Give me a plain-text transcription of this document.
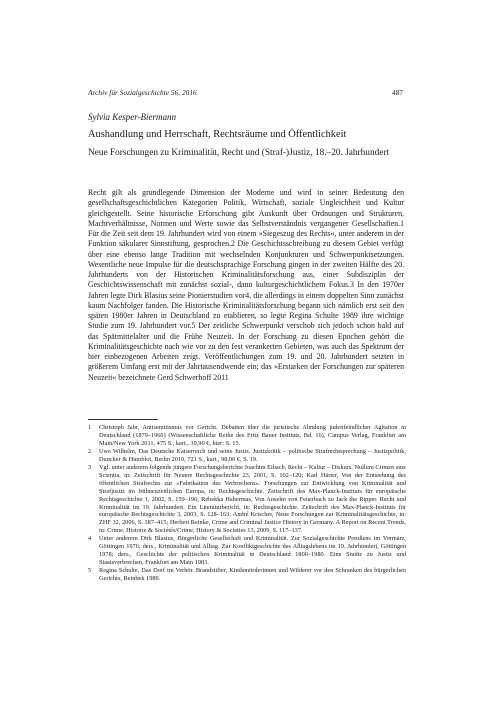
Archiv für Sozialgeschichte 56, 2016	487
Sylvia Kesper-Biermann
Aushandlung und Herrschaft, Rechtsräume und Öffentlichkeit
Neue Forschungen zu Kriminalität, Recht und (Straf-)Justiz, 18.–20. Jahrhundert

Recht gilt als grundlegende Dimension der Moderne und wird in seiner Bedeutung den gesellschaftsgeschichtlichen Kategorien Politik, Wirtschaft, soziale Ungleichheit und Kultur gleichgestellt. Seine historische Erforschung gibt Auskunft über Ordnungen und Strukturen, Machtverhältnisse, Normen und Werte sowie das Selbstverständnis vergangener Gesellschaften.1 Für die Zeit seit dem 19. Jahrhundert wird von einem »Siegeszug des Rechts«, unter anderem in der Funktion säkularer Sinnstiftung, gesprochen.2 Die Geschichtsschreibung zu diesem Gebiet verfügt über eine ebenso lange Tradition mit wechselnden Konjunkturen und Schwerpunktsetzungen. Wesentliche neue Impulse für die deutschsprachige Forschung gingen in der zweiten Hälfte des 20. Jahrhunderts von der Historischen Kriminalitätsforschung aus, einer Subdisziplin der Geschichtswissenschaft mit zunächst sozial-, dann kulturgeschichtlichem Fokus.3 In den 1970er Jahren legte Dirk Blasius seine Pionierstudien vor4, die allerdings in einem doppelten Sinn zunächst kaum Nachfolger fanden. Die Historische Kriminalitätsforschung begann sich nämlich erst seit den späten 1980er Jahren in Deutschland zu etablieren, so legte Regina Schulte 1989 ihre wichtige Studie zum 19. Jahrhundert vor.5 Der zeitliche Schwerpunkt verschob sich jedoch schon bald auf das Spätmittelalter und die Frühe Neuzeit. In der Forschung zu diesen Epochen gehört die Kriminalitätsgeschichte nach wie vor zu den fest verankerten Gebieten, was auch das Spektrum der hier einbezogenen Arbeiten zeigt. Veröffentlichungen zum 19. und 20. Jahrhundert setzten in größerem Umfang erst mit der Jahrtausendwende ein; das »Erstarken der Forschungen zur späteren Neuzeit« bezeichnete Gerd Schwerhoff 2011

1	Christoph Jahr, Antisemitismus vor Gericht. Debatten über die juristische Ahndung judenfeindlicher Agitation in Deutschland (1879–1960) (Wissenschaftliche Reihe des Fritz Bauer Instituts, Bd. 16), Campus Verlag, Frankfurt am Main/New York 2011, 475 S., kart., 39,90 €, hier: S. 15.
2	Uwe Wilhelm, Das Deutsche Kaiserreich und seine Justiz. Justizkritik – politische Strafrechtsprechung – Justizpolitik, Duncker & Humblot, Berlin 2010, 721 S., kart., 98,00 €, S. 19.
3	Vgl. unter anderem folgende jüngere Forschungsberichte Joachim Eibach, Recht – Kultur – Diskurs. Nullum Crimen sine Scientia, in: Zeitschrift für Neuere Rechtsgeschichte 23, 2001, S. 102–120; Karl Härter, Von der Entstehung des öffentlichen Strafrechts zur »Fabrikation des Verbrechens«. Forschungen zur Entwicklung von Kriminalität und Strafjustiz im frühneuzeitlichen Europa, in: Rechtsgeschichte. Zeitschrift des Max-Planck-Instituts für europäische Rechtsgeschichte 1, 2002, S. 159–196; Rebekka Habermas, Von Anselm von Feuerbach zu Jack the Ripper. Recht und Kriminalität im 19. Jahrhundert. Ein Literaturbericht, in: Rechtsgeschichte. Zeitschrift des Max-Planck-Instituts für europäische Rechtsgeschichte 3, 2003, S. 128–163; André Krischer, Neue Forschungen zur Kriminalitätsgeschichte, in: ZHF 32, 2006, S. 387–415; Herbert Reinke, Crime and Criminal Justice History in Germany. A Report on Recent Trends, in: Crime, Histoire & Sociétés/Crime, History & Societies 13, 2009, S. 117–137.
4	Unter anderem Dirk Blasius, Bürgerliche Gesellschaft und Kriminalität. Zur Sozialgeschichte Preußens im Vormärz, Göttingen 1976; ders., Kriminalität und Alltag. Zur Konfliktgeschichte des Alltagslebens im 19. Jahrhundert, Göttingen 1978; ders., Geschichte der politischen Kriminalität in Deutschland 1800–1980. Eine Studie zu Justiz und Staatsverbrechen, Frankfurt am Main 1983.
5	Regina Schulte, Das Dorf im Verhör. Brandstifter, Kindsmörderinnen und Wilderer vor den Schranken des bürgerlichen Gerichts, Reinbek 1989.
